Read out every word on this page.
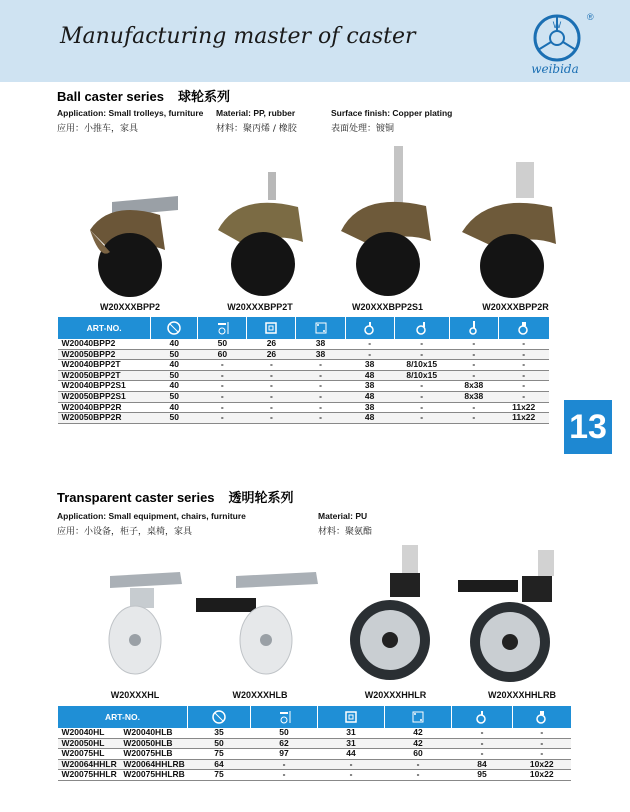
Manufacturing master of caster	W
®
weibida
13
Ball caster series 球轮系列
Application: Small trolleys, furniture
应用：小推车，家具
Material: PP, rubber
材料：聚丙烯 / 橡胶
Surface finish: Copper plating
表面处理：镀铜
W20XXXBPP2	W20XXXBPP2T	W20XXXBPP2S1	W20XXXBPP2R
ART-NO.								
W20040BPP2	40	50	26	38	-	-	-	-
W20050BPP2	50	60	26	38	-	-	-	-
W20040BPP2T	40	-	-	-	38	8/10x15	-	-
W20050BPP2T	50	-	-	-	48	8/10x15	-	-
W20040BPP2S1	40	-	-	-	38	-	8x38	-
W20050BPP2S1	50	-	-	-	48	-	8x38	-
W20040BPP2R	40	-	-	-	38	-	-	11x22
W20050BPP2R	50	-	-	-	48	-	-	11x22
Transparent caster series 透明轮系列
Application: Small equipment, chairs, furniture
应用：小设备，柜子，桌椅，家具
Material: PU
材料：聚氨酯
W20XXXHL	W20XXXHLB	W20XXXHHLR	W20XXXHHLRB
ART-NO.						
W20040HL	W20040HLB	35	50	31	42	-	-
W20050HL	W20050HLB	50	62	31	42	-	-
W20075HL	W20075HLB	75	97	44	60	-	-
W20064HHLR	W20064HHLRB	64	-	-	-	84	10x22
W20075HHLR	W20075HHLRB	75	-	-	-	95	10x22
